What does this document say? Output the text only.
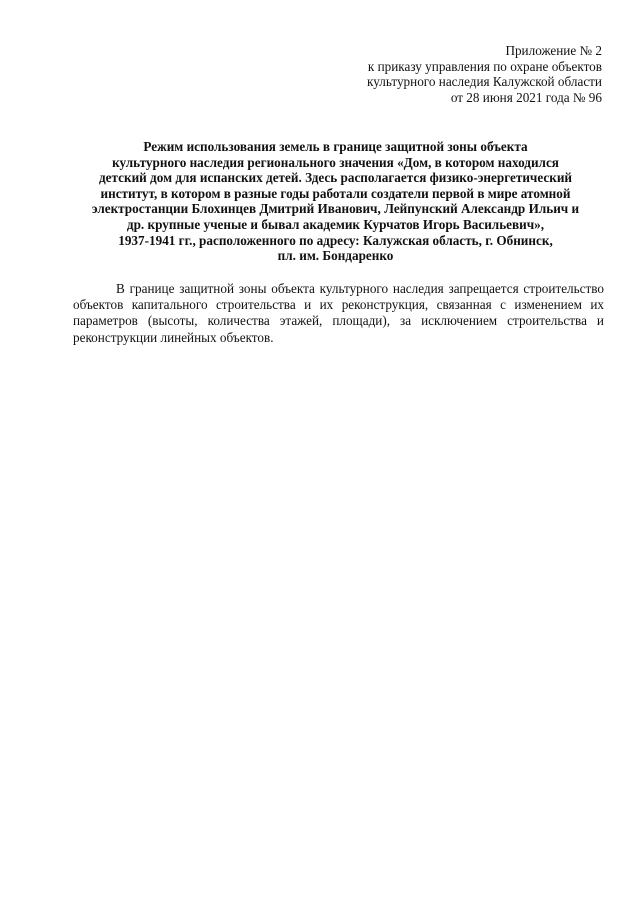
Приложение № 2
к приказу управления по охране объектов
культурного наследия Калужской области
от 28 июня 2021 года № 96
Режим использования земель в границе защитной зоны объекта
культурного наследия регионального значения «Дом, в котором находился
детский дом для испанских детей. Здесь располагается физико-энергетический
институт, в котором в разные годы работали создатели первой в мире атомной
электростанции Блохинцев Дмитрий Иванович, Лейпунский Александр Ильич и
др. крупные ученые и бывал академик Курчатов Игорь Васильевич»,
1937-1941 гг., расположенного по адресу: Калужская область, г. Обнинск,
пл. им. Бондаренко

В границе защитной зоны объекта культурного наследия запрещается строительство объектов капитального строительства и их реконструкция, связанная с изменением их параметров (высоты, количества этажей, площади), за исключением строительства и реконструкции линейных объектов.
